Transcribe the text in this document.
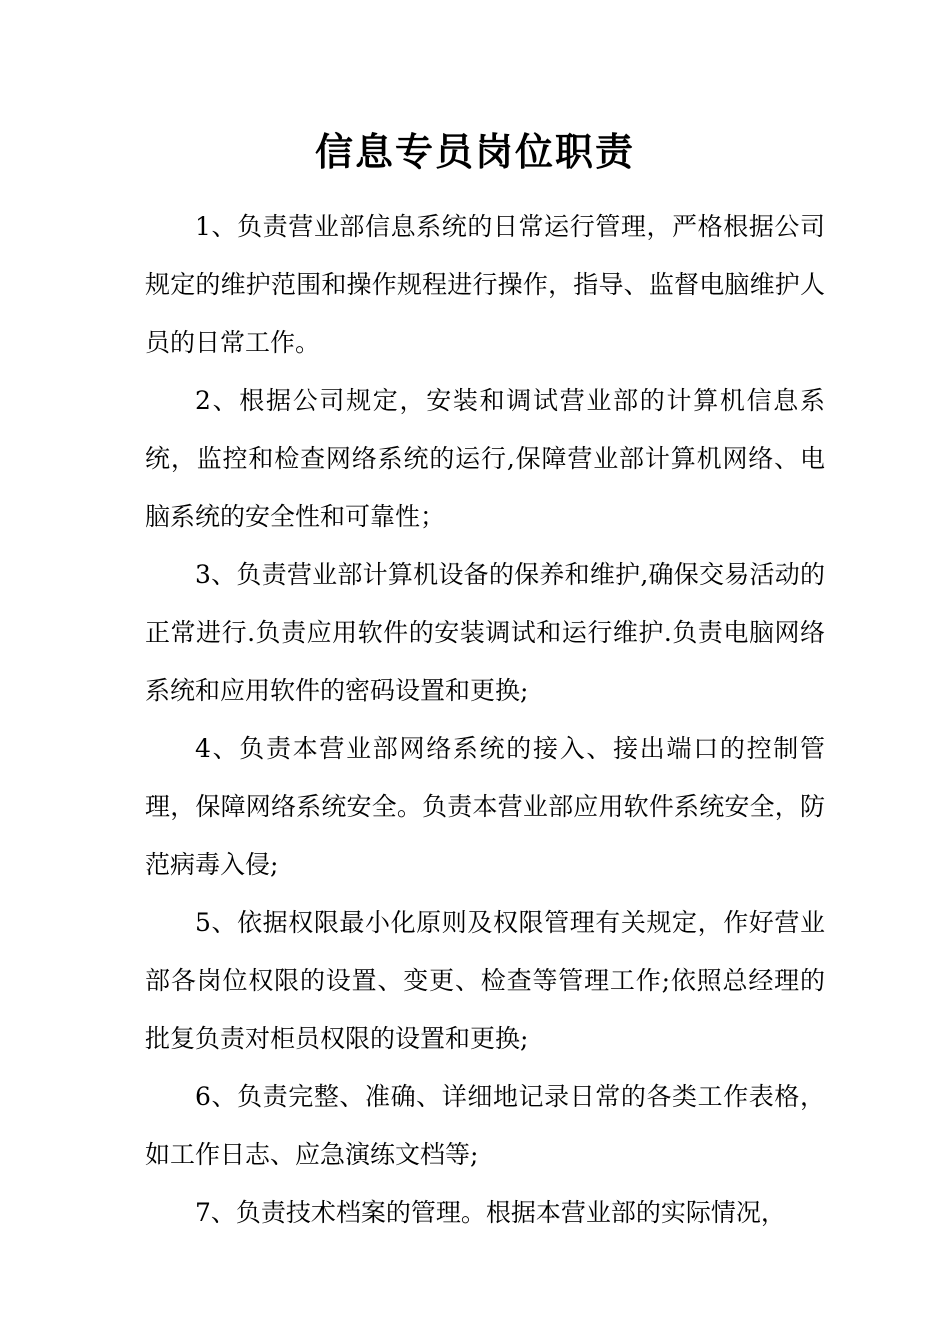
信息专员岗位职责

1、负责营业部信息系统的日常运行管理，严格根据公司规定的维护范围和操作规程进行操作，指导、监督电脑维护人员的日常工作。

2、根据公司规定，安装和调试营业部的计算机信息系统，监控和检查网络系统的运行,保障营业部计算机网络、电脑系统的安全性和可靠性；

3、负责营业部计算机设备的保养和维护,确保交易活动的正常进行.负责应用软件的安装调试和运行维护.负责电脑网络系统和应用软件的密码设置和更换;

4、负责本营业部网络系统的接入、接出端口的控制管理，保障网络系统安全。负责本营业部应用软件系统安全，防范病毒入侵;

5、依据权限最小化原则及权限管理有关规定，作好营业部各岗位权限的设置、变更、检查等管理工作;依照总经理的批复负责对柜员权限的设置和更换;

6、负责完整、准确、详细地记录日常的各类工作表格，如工作日志、应急演练文档等;

7、负责技术档案的管理。根据本营业部的实际情况，
